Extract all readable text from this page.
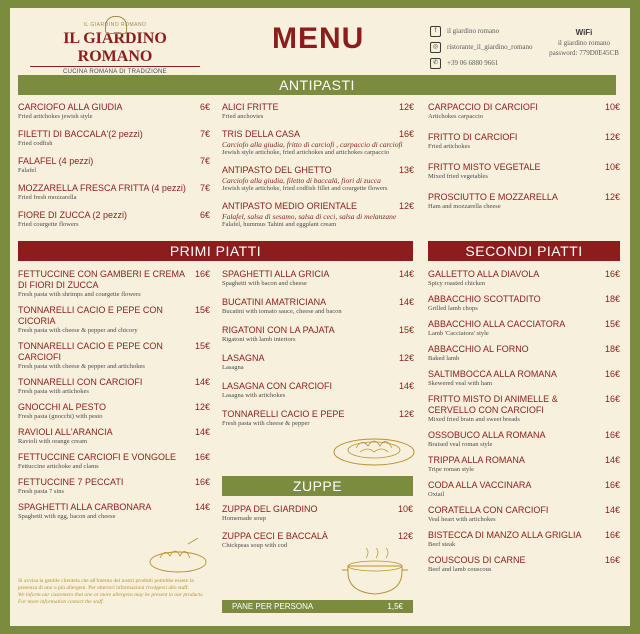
IL GIARDINO ROMANO
IL GIARDINO ROMANO
CUCINA ROMANA DI TRADIZIONE
MENU	f	il giardino romano
◎	ristorante_il_giardino_romano
✆	+39 06 6880 9661
WiFi
il giardino romano
password: 779D0E45CB
ANTIPASTI
CARCIOFO ALLA GIUDIA	6€
Fried artichokes jewish style
FILETTI DI BACCALA'(2 pezzi)	7€
Fried codfish
FALAFEL (4 pezzi)	7€
Falafel
MOZZARELLA FRESCA FRITTA (4 pezzi) 7€
Fried fresh mozzarella
FIORE DI ZUCCA (2 pezzi)	6€
Fried courgette flowers
ALICI FRITTE	12€
Fried anchovies
TRIS DELLA CASA	16€
Carciofo alla giudia, fritto di carciofi , carpaccio di carciofi
Jewish style artichoke, fried artichokes and artichokes carpaccio
ANTIPASTO DEL GHETTO	13€
Carciofo alla giudia, filetto di baccalà, fiori di zucca
Jewish style artichoke, fried codfish fillet and courgette flowers
ANTIPASTO MEDIO ORIENTALE	12€
Falafel, salsa di sesamo, salsa di ceci, salsa di melanzane
Falafel, hummus Tahini and eggplant cream
CARPACCIO DI CARCIOFI	10€
Artichokes carpaccio
FRITTO DI CARCIOFI	12€
Fried artichokes
FRITTO MISTO VEGETALE	10€
Mixed fried vegetables
PROSCIUTTO E MOZZARELLA	12€
Ham and mozzarella cheese
PRIMI PIATTI	SECONDI PIATTI
FETTUCCINE CON GAMBERI E CREMA DI FIORI DI ZUCCA
16€
Fresh pasta with shrimps and courgette flowers
TONNARELLI CACIO E PEPE CON CICORIA
15€
Fresh pasta with cheese & pepper and chicory
TONNARELLI CACIO E PEPE CON CARCIOFI
15€
Fresh pasta with cheese & pepper and artichokes
TONNARELLI CON CARCIOFI	14€
Fresh pasta with artichokes
GNOCCHI AL PESTO	12€
Fresh pasta (gnocchi) with pesto
RAVIOLI ALL'ARANCIA	14€
Ravioli with orange cream
FETTUCCINE CARCIOFI E VONGOLE 16€
Fettuccine artichoke and clams
FETTUCCINE 7 PECCATI	16€
Fresh pasta 7 sins
SPAGHETTI ALLA CARBONARA	14€
Spaghetti with egg, bacon and cheese
SPAGHETTI ALLA GRICIA	14€
Spaghetti with bacon and cheese
BUCATINI AMATRICIANA	14€
Bucatini with tomato sauce, cheese and bacon
RIGATONI CON LA PAJATA	15€
Rigatoni with lamb interiors
LASAGNA	12€
Lasagna
LASAGNA CON CARCIOFI	14€
Lasagna with artichokes
TONNARELLI CACIO E PEPE	12€
Fresh pasta with cheese & pepper
GALLETTO ALLA DIAVOLA	16€
Spicy roasted chicken
ABBACCHIO SCOTTADITO	18€
Grilled lamb chops
ABBACCHIO ALLA CACCIATORA	15€
Lamb 'Cacciatora' style
ABBACCHIO AL FORNO	18€
Baked lamb
SALTIMBOCCA ALLA ROMANA	16€
Skewered veal with ham
FRITTO MISTO DI ANIMELLE & CERVELLO CON CARCIOFI
16€
Mixed fried brain and sweet breads
OSSOBUCO ALLA ROMANA	16€
Braised veal roman style
TRIPPA ALLA ROMANA	14€
Tripe roman style
CODA ALLA VACCINARA	16€
Oxtail
CORATELLA CON CARCIOFI	14€
Veal heart with artichokes
BISTECCA DI MANZO ALLA GRIGLIA	16€
Beef steak
COUSCOUS DI CARNE	16€
Beef and lamb couscous
ZUPPE
ZUPPA DEL GIARDINO	10€
Homemade soup
ZUPPA CECI E BACCALÀ	12€
Chickpeas soup with cod
Si avvisa la gentile clientela che all'interno dei nostri prodotti potrebbe essere la presenza di uno o più allergeni. Per ulteriori informazioni rivolgersi allo staff.
We inform our customers that one or more allergens may be present in our products. For more information contact the staff.	PANE PER PERSONA	1,5€
